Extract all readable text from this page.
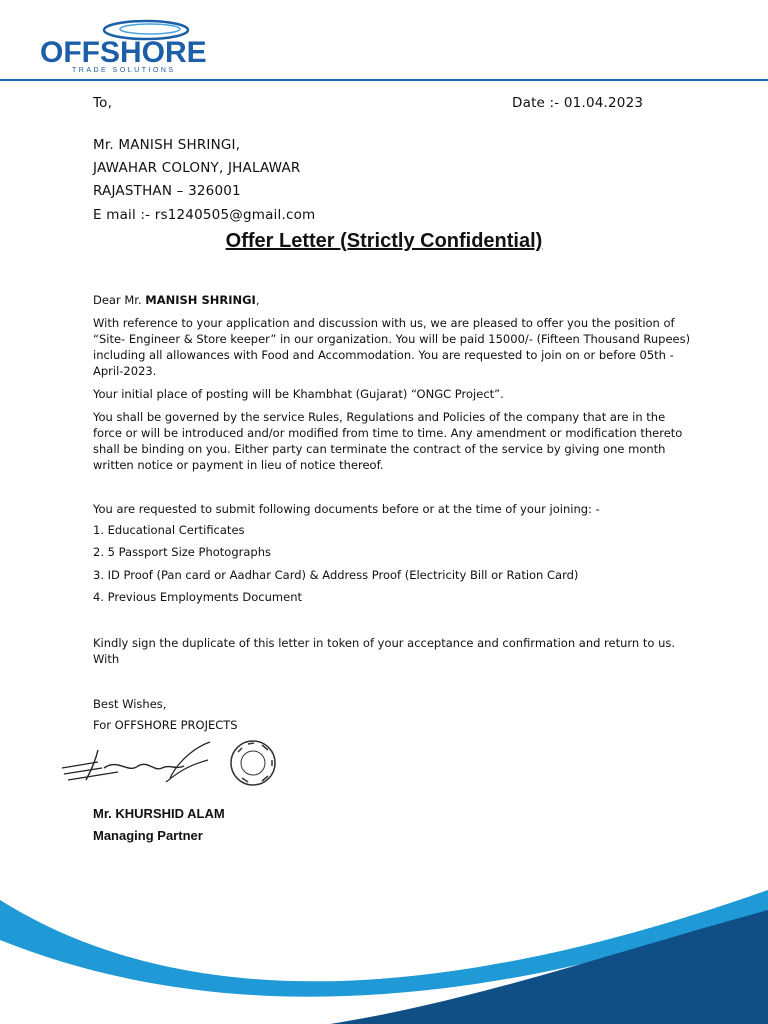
OFFSHORE
TRADE SOLUTIONS
To,	Date :- 01.04.2023
Mr. MANISH SHRINGI,
JAWAHAR COLONY, JHALAWAR
RAJASTHAN – 326001
E mail :- rs1240505@gmail.com
Offer Letter (Strictly Confidential)
Dear Mr. MANISH SHRINGI,
With reference to your application and discussion with us, we are pleased to offer you the position of “Site- Engineer & Store keeper” in our organization. You will be paid 15000/- (Fifteen Thousand Rupees) including all allowances with Food and Accommodation. You are requested to join on or before 05th - April-2023.
Your initial place of posting will be Khambhat (Gujarat) “ONGC Project”.
You shall be governed by the service Rules, Regulations and Policies of the company that are in the force or will be introduced and/or modified from time to time. Any amendment or modification thereto shall be binding on you. Either party can terminate the contract of the service by giving one month written notice or payment in lieu of notice thereof.
You are requested to submit following documents before or at the time of your joining: -
1. Educational Certificates
2. 5 Passport Size Photographs
3. ID Proof (Pan card or Aadhar Card) & Address Proof (Electricity Bill or Ration Card)
4. Previous Employments Document
Kindly sign the duplicate of this letter in token of your acceptance and confirmation and return to us. With
Best Wishes,
For OFFSHORE PROJECTS
Mr. KHURSHID ALAM
Managing Partner
